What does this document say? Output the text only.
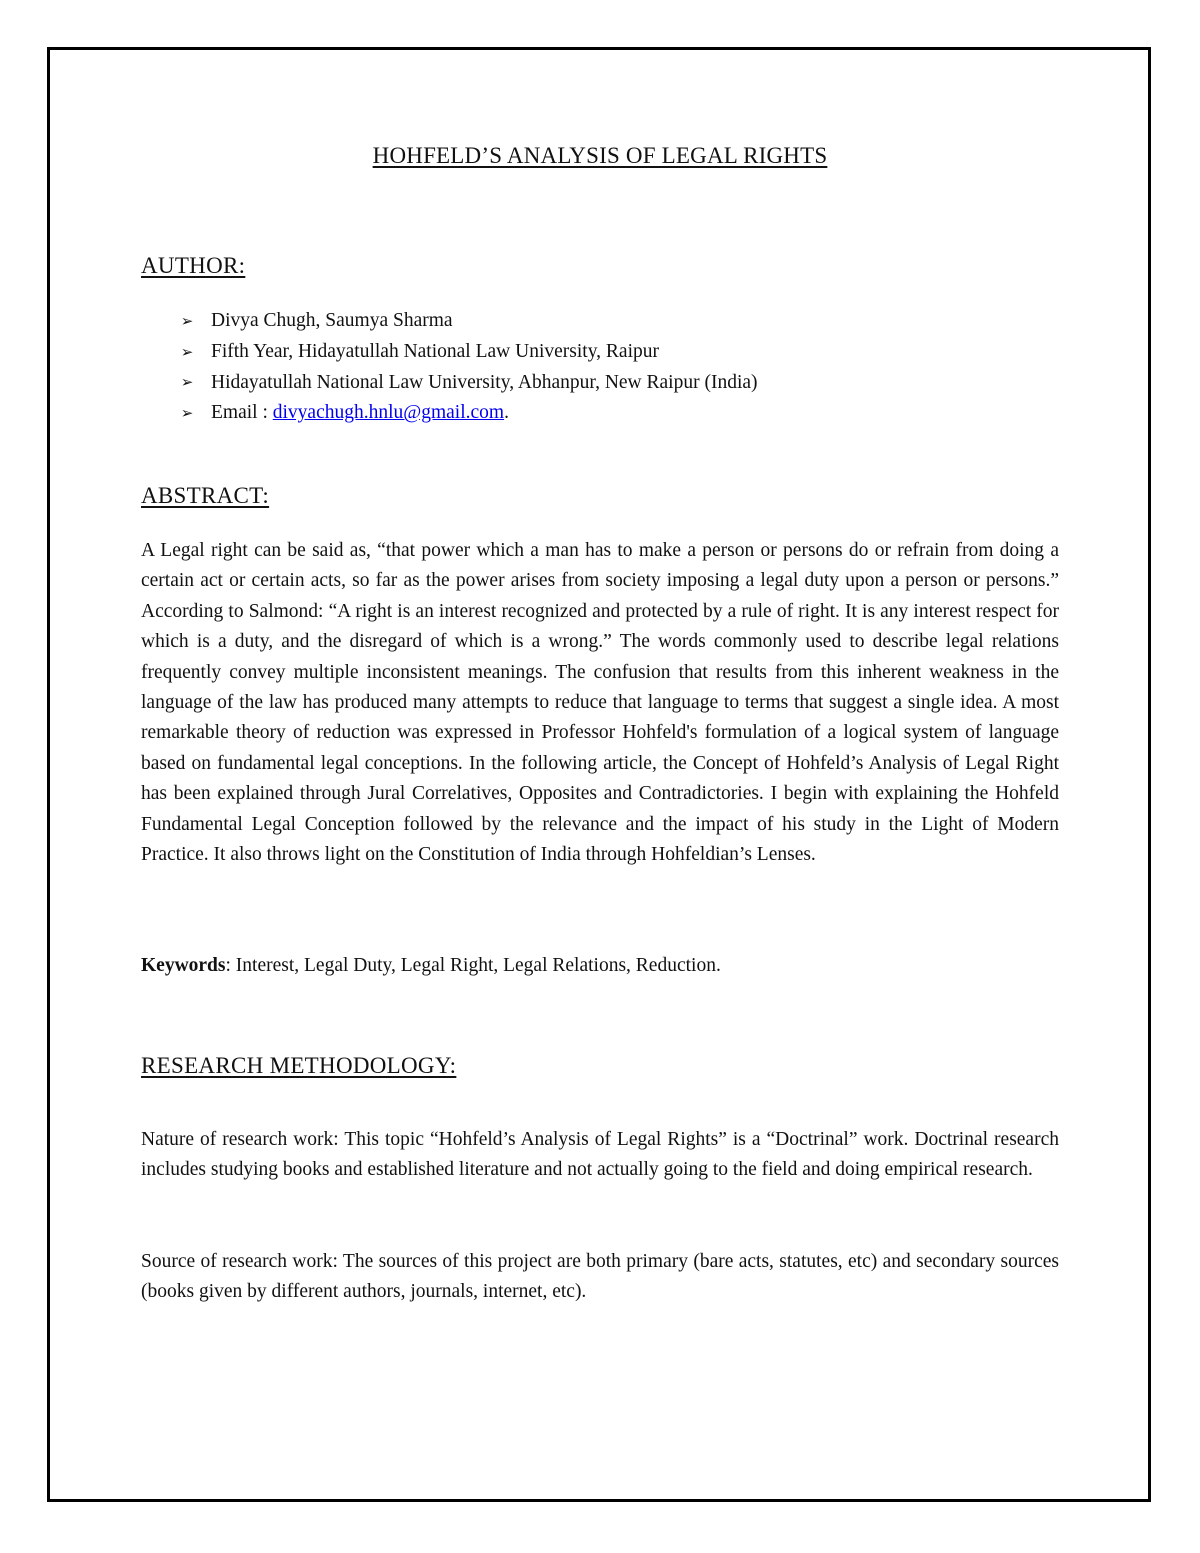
HOHFELD’S ANALYSIS OF LEGAL RIGHTS
AUTHOR:
➢ Divya Chugh, Saumya Sharma
➢ Fifth Year, Hidayatullah National Law University, Raipur
➢ Hidayatullah National Law University, Abhanpur, New Raipur (India)
➢ Email : divyachugh.hnlu@gmail.com .
ABSTRACT:

A Legal right can be said as, “that power which a man has to make a person or persons do or refrain from doing a certain act or certain acts, so far as the power arises from society imposing a legal duty upon a person or persons.” According to Salmond: “A right is an interest recognized and protected by a rule of right. It is any interest respect for which is a duty, and the disregard of which is a wrong.” The words commonly used to describe legal relations frequently convey multiple inconsistent meanings. The confusion that results from this inherent weakness in the language of the law has produced many attempts to reduce that language to terms that suggest a single idea. A most remarkable theory of reduction was expressed in Professor Hohfeld's formulation of a logical system of language based on fundamental legal conceptions. In the following article, the Concept of Hohfeld’s Analysis of Legal Right has been explained through Jural Correlatives, Opposites and Contradictories. I begin with explaining the Hohfeld Fundamental Legal Conception followed by the relevance and the impact of his study in the Light of Modern Practice. It also throws light on the Constitution of India through Hohfeldian’s Lenses.

Keywords: Interest, Legal Duty, Legal Right, Legal Relations, Reduction.

RESEARCH METHODOLOGY:

Nature of research work: This topic “Hohfeld’s Analysis of Legal Rights” is a “Doctrinal” work. Doctrinal research includes studying books and established literature and not actually going to the field and doing empirical research.

Source of research work: The sources of this project are both primary (bare acts, statutes, etc) and secondary sources (books given by different authors, journals, internet, etc).
